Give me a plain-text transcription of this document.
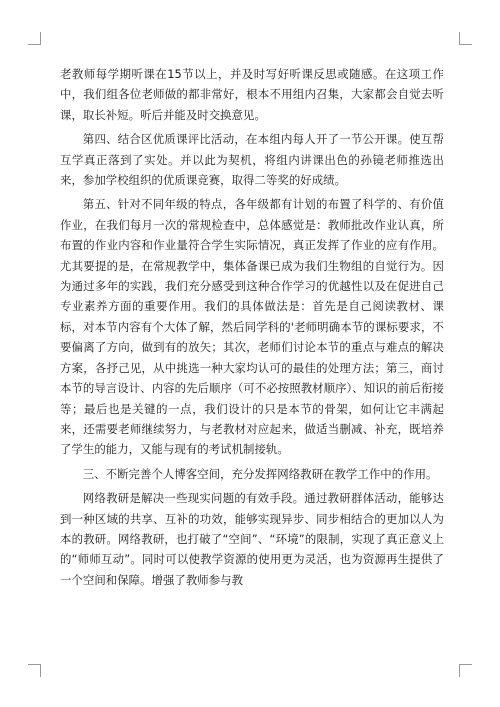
老教师每学期听课在15节以上，并及时写好听课反思或随感。在这项工作中，我们组各位老师做的都非常好，根本不用组内召集，大家都会自觉去听课，取长补短。听后并能及时交换意见。

第四、结合区优质课评比活动，在本组内每人开了一节公开课。使互帮互学真正落到了实处。并以此为契机，将组内讲课出色的孙镜老师推选出来，参加学校组织的优质课竞赛，取得二等奖的好成绩。

第五、针对不同年级的特点，各年级都有计划的布置了科学的、有价值作业，在我们每月一次的常规检查中，总体感觉是：教师批改作业认真，所布置的作业内容和作业量符合学生实际情况，真正发挥了作业的应有作用。尤其要提的是，在常规教学中，集体备课已成为我们生物组的自觉行为。因为通过多年的实践，我们充分感受到这种合作学习的优越性以及在促进自己专业素养方面的重要作用。我们的具体做法是：首先是自己阅读教材、课标，对本节内容有个大体了解，然后同学科的'老师明确本节的课标要求，不要偏离了方向，做到有的放矢；其次，老师们讨论本节的重点与难点的解决方案，各抒己见，从中挑选一种大家均认可的最佳的处理方法；第三，商讨本节的导言设计、内容的先后顺序（可不必按照教材顺序）、知识的前后衔接等；最后也是关键的一点，我们设计的只是本节的骨架，如何让它丰满起来，还需要老师继续努力，与老教材对应起来，做适当删减、补充，既培养了学生的能力，又能与现有的考试机制接轨。

三、不断完善个人博客空间，充分发挥网络教研在教学工作中的作用。

网络教研是解决一些现实问题的有效手段。通过教研群体活动，能够达到一种区域的共享、互补的功效，能够实现异步、同步相结合的更加以人为本的教研。网络教研，也打破了“空间”、“环境”的限制，实现了真正意义上的“师师互动”。同时可以使教学资源的使用更为灵活，也为资源再生提供了一个空间和保障。增强了教师参与教
